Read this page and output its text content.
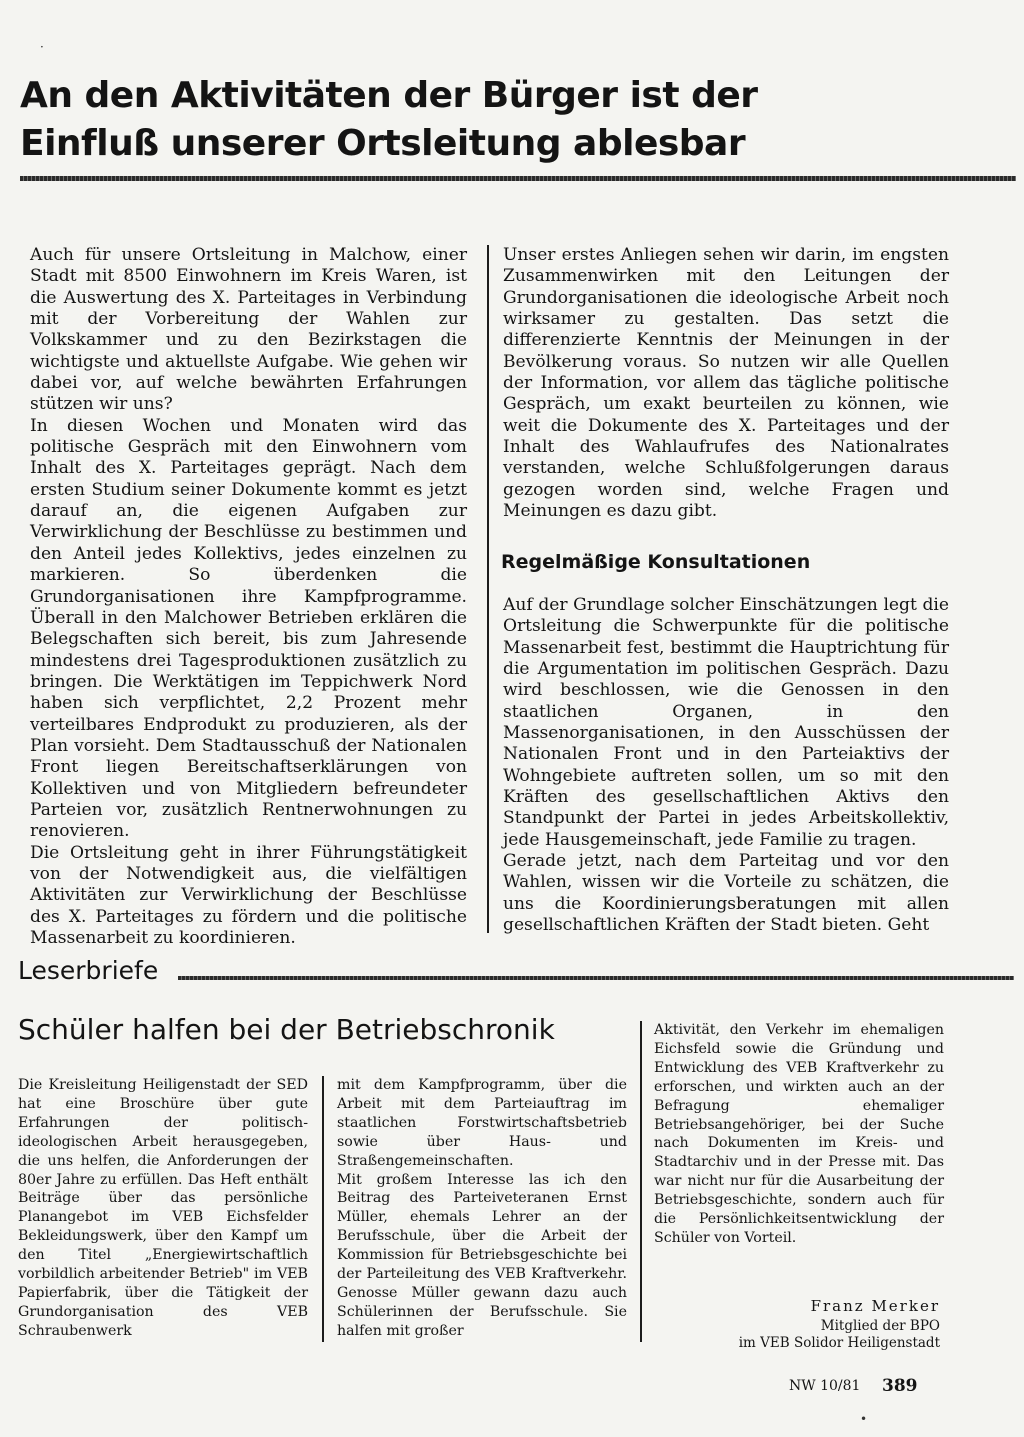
An den Aktivitäten der Bürger ist der
Einfluß unserer Ortsleitung ablesbar

Auch für unsere Ortsleitung in Malchow, einer Stadt mit 8500 Einwohnern im Kreis Waren, ist die Auswertung des X. Parteitages in Verbindung mit der Vorbereitung der Wahlen zur Volkskammer und zu den Bezirkstagen die wichtigste und aktuellste Aufgabe. Wie gehen wir dabei vor, auf welche bewährten Erfahrungen stützen wir uns?

In diesen Wochen und Monaten wird das politische Gespräch mit den Einwohnern vom Inhalt des X. Parteitages geprägt. Nach dem ersten Studium seiner Dokumente kommt es jetzt darauf an, die eigenen Aufgaben zur Verwirklichung der Beschlüsse zu bestimmen und den Anteil jedes Kollektivs, jedes einzelnen zu markieren. So überdenken die Grundorganisationen ihre Kampfprogramme. Überall in den Malchower Betrieben erklären die Belegschaften sich bereit, bis zum Jahresende mindestens drei Tagesproduktionen zusätzlich zu bringen. Die Werktätigen im Teppichwerk Nord haben sich verpflichtet, 2,2 Prozent mehr verteilbares Endprodukt zu produzieren, als der Plan vorsieht. Dem Stadtausschuß der Nationalen Front liegen Bereitschaftserklärungen von Kollektiven und von Mitgliedern befreundeter Parteien vor, zusätzlich Rentnerwohnungen zu renovieren.

Die Ortsleitung geht in ihrer Führungstätigkeit von der Notwendigkeit aus, die vielfältigen Aktivitäten zur Verwirklichung der Beschlüsse des X. Parteitages zu fördern und die politische Massenarbeit zu koordinieren.

Unser erstes Anliegen sehen wir darin, im engsten Zusammenwirken mit den Leitungen der Grundorganisationen die ideologische Arbeit noch wirksamer zu gestalten. Das setzt die differenzierte Kenntnis der Meinungen in der Bevölkerung voraus. So nutzen wir alle Quellen der Information, vor allem das tägliche politische Gespräch, um exakt beurteilen zu können, wie weit die Dokumente des X. Parteitages und der Inhalt des Wahlaufrufes des Nationalrates verstanden, welche Schlußfolgerungen daraus gezogen worden sind, welche Fragen und Meinungen es dazu gibt.

Regelmäßige Konsultationen

Auf der Grundlage solcher Einschätzungen legt die Ortsleitung die Schwerpunkte für die politische Massenarbeit fest, bestimmt die Hauptrichtung für die Argumentation im politischen Gespräch. Dazu wird beschlossen, wie die Genossen in den staatlichen Organen, in den Massenorganisationen, in den Ausschüssen der Nationalen Front und in den Parteiaktivs der Wohngebiete auftreten sollen, um so mit den Kräften des gesellschaftlichen Aktivs den Standpunkt der Partei in jedes Arbeitskollektiv, jede Hausgemeinschaft, jede Familie zu tragen.

Gerade jetzt, nach dem Parteitag und vor den Wahlen, wissen wir die Vorteile zu schätzen, die uns die Koordinierungsberatungen mit allen gesellschaftlichen Kräften der Stadt bieten. Geht

Leserbriefe
Schüler halfen bei der Betriebschronik

Die Kreisleitung Heiligenstadt der SED hat eine Broschüre über gute Erfahrungen der politisch-ideologischen Arbeit herausgegeben, die uns helfen, die Anforderungen der 80er Jahre zu erfüllen. Das Heft enthält Beiträge über das persönliche Planangebot im VEB Eichsfelder Bekleidungswerk, über den Kampf um den Titel „Energiewirtschaftlich vorbildlich arbeitender Betrieb" im VEB Papierfabrik, über die Tätigkeit der Grundorganisation des VEB Schraubenwerk

mit dem Kampfprogramm, über die Arbeit mit dem Parteiauftrag im staatlichen Forstwirtschaftsbetrieb sowie über Haus- und Straßengemeinschaften.

Mit großem Interesse las ich den Beitrag des Parteiveteranen Ernst Müller, ehemals Lehrer an der Berufsschule, über die Arbeit der Kommission für Betriebsgeschichte bei der Parteileitung des VEB Kraftverkehr. Genosse Müller gewann dazu auch Schülerinnen der Berufsschule. Sie halfen mit großer

Aktivität, den Verkehr im ehemaligen Eichsfeld sowie die Gründung und Entwicklung des VEB Kraftverkehr zu erforschen, und wirkten auch an der Befragung ehemaliger Betriebsangehöriger, bei der Suche nach Dokumenten im Kreis- und Stadtarchiv und in der Presse mit. Das war nicht nur für die Ausarbeitung der Betriebsgeschichte, sondern auch für die Persönlichkeitsentwicklung der Schüler von Vorteil.

Franz Merker
Mitglied der BPO
im VEB Solidor Heiligenstadt
NW 10/81 389
·
•
